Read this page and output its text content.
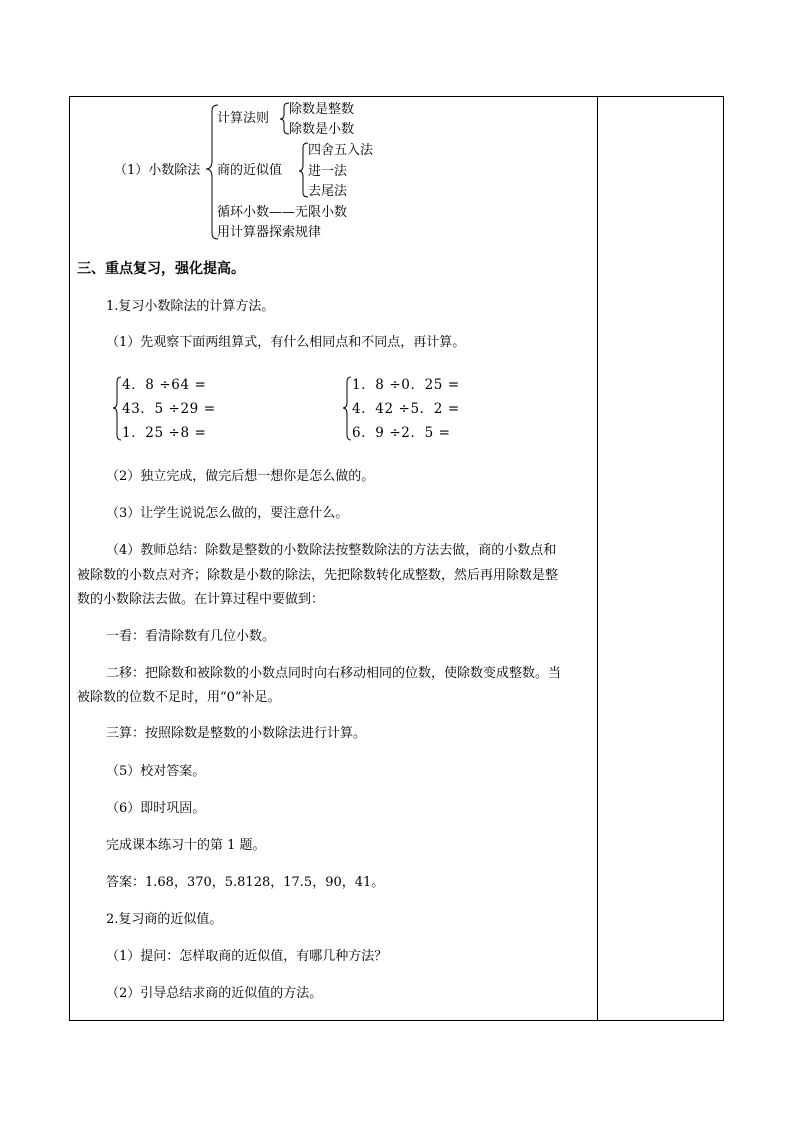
（1）小数除法
计算法则
除数是整数
除数是小数
商的近似值
四舍五入法
进一法
去尾法
循环小数——无限小数
用计算器探索规律
三、重点复习，强化提高。
1.复习小数除法的计算方法。
（1）先观察下面两组算式，有什么相同点和不同点，再计算。
4．8 ÷64 =
43．5 ÷29 =
1．25 ÷8 =
1．8 ÷0．25 =
4．42 ÷5．2 =
6．9 ÷2．5 =
（2）独立完成，做完后想一想你是怎么做的。
（3）让学生说说怎么做的，要注意什么。
（4）教师总结：除数是整数的小数除法按整数除法的方法去做，商的小数点和
被除数的小数点对齐；除数是小数的除法，先把除数转化成整数，然后再用除数是整
数的小数除法去做。在计算过程中要做到：
一看：看清除数有几位小数。
二移：把除数和被除数的小数点同时向右移动相同的位数，使除数变成整数。当
被除数的位数不足时，用“0”补足。
三算：按照除数是整数的小数除法进行计算。
（5）校对答案。
（6）即时巩固。
完成课本练习十的第 1 题。
答案：1.68，370，5.8128，17.5，90，41。
2.复习商的近似值。
（1）提问：怎样取商的近似值，有哪几种方法？
（2）引导总结求商的近似值的方法。
